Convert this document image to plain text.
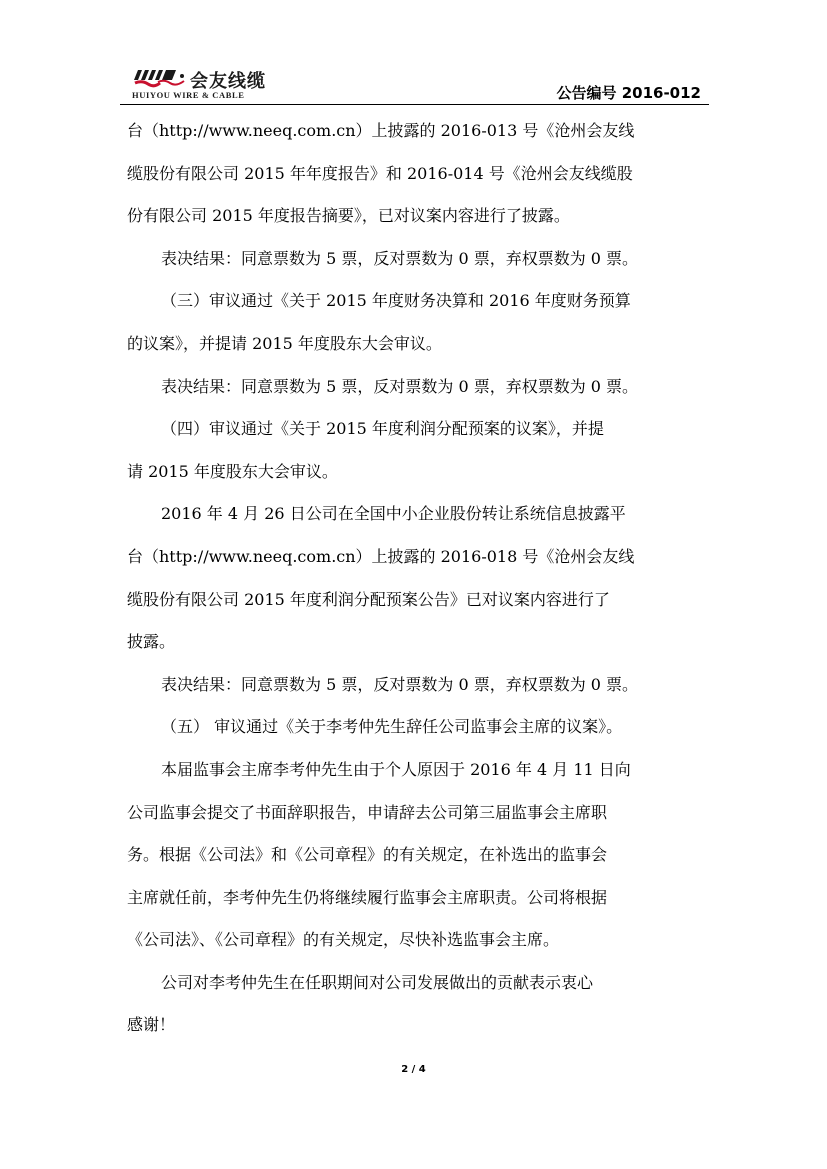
会友线缆
HUIYOU WIRE & CABLE	公告编号 2016-012
台（http://www.neeq.com.cn）上披露的 2016-013 号《沧州会友线
缆股份有限公司 2015 年年度报告》和 2016-014 号《沧州会友线缆股
份有限公司 2015 年度报告摘要》，已对议案内容进行了披露。
表决结果：同意票数为 5 票，反对票数为 0 票，弃权票数为 0 票。
（三）审议通过《关于 2015 年度财务决算和 2016 年度财务预算
的议案》，并提请 2015 年度股东大会审议。
表决结果：同意票数为 5 票，反对票数为 0 票，弃权票数为 0 票。
（四）审议通过《关于 2015 年度利润分配预案的议案》，并提
请 2015 年度股东大会审议。
2016 年 4 月 26 日公司在全国中小企业股份转让系统信息披露平
台（http://www.neeq.com.cn）上披露的 2016-018 号《沧州会友线
缆股份有限公司 2015 年度利润分配预案公告》已对议案内容进行了
披露。
表决结果：同意票数为 5 票，反对票数为 0 票，弃权票数为 0 票。
（五） 审议通过《关于李考仲先生辞任公司监事会主席的议案》。
本届监事会主席李考仲先生由于个人原因于 2016 年 4 月 11 日向
公司监事会提交了书面辞职报告，申请辞去公司第三届监事会主席职
务。根据《公司法》和《公司章程》的有关规定，在补选出的监事会
主席就任前，李考仲先生仍将继续履行监事会主席职责。公司将根据
《公司法》、《公司章程》的有关规定，尽快补选监事会主席。
公司对李考仲先生在任职期间对公司发展做出的贡献表示衷心
感谢！
2 / 4
